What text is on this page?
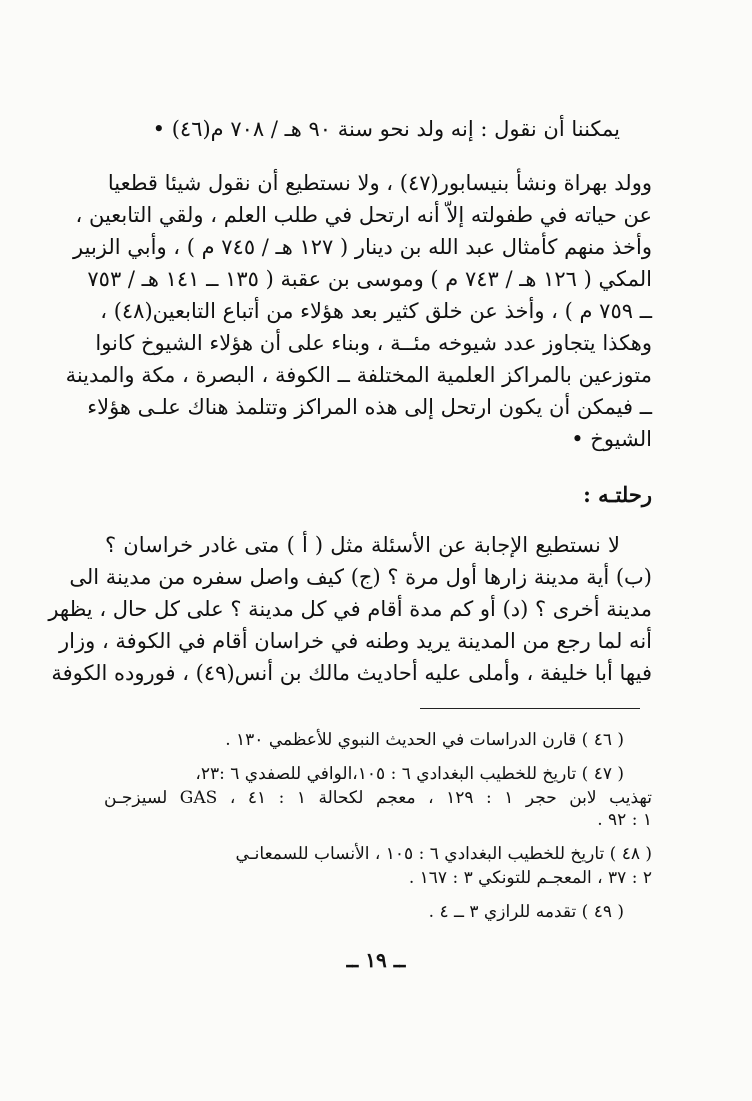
يمكننا أن نقول : إنه ولد نحو سنة ٩٠ هـ / ٧٠٨ م(٤٦) •
وولد بهراة ونشأ بنيسابور(٤٧) ، ولا نستطيع أن نقول شيئا قطعيا
عن حياته في طفولته إلاّ أنه ارتحل في طلب العلم ، ولقي التابعين ،
وأخذ منهم كأمثال عبد الله بن دينار ( ١٢٧ هـ / ٧٤٥ م ) ، وأبي الزبير
المكي ( ١٢٦ هـ / ٧٤٣ م ) وموسى بن عقبة ( ١٣٥ ــ ١٤١ هـ / ٧٥٣
ــ ٧٥٩ م ) ، وأخذ عن خلق كثير بعد هؤلاء من أتباع التابعين(٤٨) ،
وهكذا يتجاوز عدد شيوخه مئــة ، وبناء على أن هؤلاء الشيوخ كانوا
متوزعين بالمراكز العلمية المختلفة ــ الكوفة ، البصرة ، مكة والمدينة
ــ فيمكن أن يكون ارتحل إلى هذه المراكز وتتلمذ هناك علـى هؤلاء
الشيوخ •
رحلتـه :
لا نستطيع الإجابة عن الأسئلة مثل ( أ ) متى غادر خراسان ؟
(ب) أية مدينة زارها أول مرة ؟ (ج) كيف واصل سفره من مدينة الى
مدينة أخرى ؟ (د) أو كم مدة أقام في كل مدينة ؟ على كل حال ، يظهر
أنه لما رجع من المدينة يريد وطنه في خراسان أقام في الكوفة ، وزار
فيها أبا خليفة ، وأملى عليه أحاديث مالك بن أنس(٤٩) ، فوروده الكوفة
( ٤٦ ) قارن الدراسات في الحديث النبوي للأعظمي ١٣٠ .
( ٤٧ ) تاريخ للخطيب البغدادي ٦ : ١٠٥،الوافي للصفدي ٦ :٢٣،
تهذيب لابن حجر ١ : ١٢٩ ، معجم لكحالة ١ : ٤١ ، GAS لسيزجـن
١ : ٩٢ .
( ٤٨ ) تاريخ للخطيب البغدادي ٦ : ١٠٥ ، الأنساب للسمعانـي
٢ : ٣٧ ، المعجـم للتونكي ٣ : ١٦٧ .
( ٤٩ ) تقدمه للرازي ٣ ــ ٤ .
ــ ١٩ ــ
